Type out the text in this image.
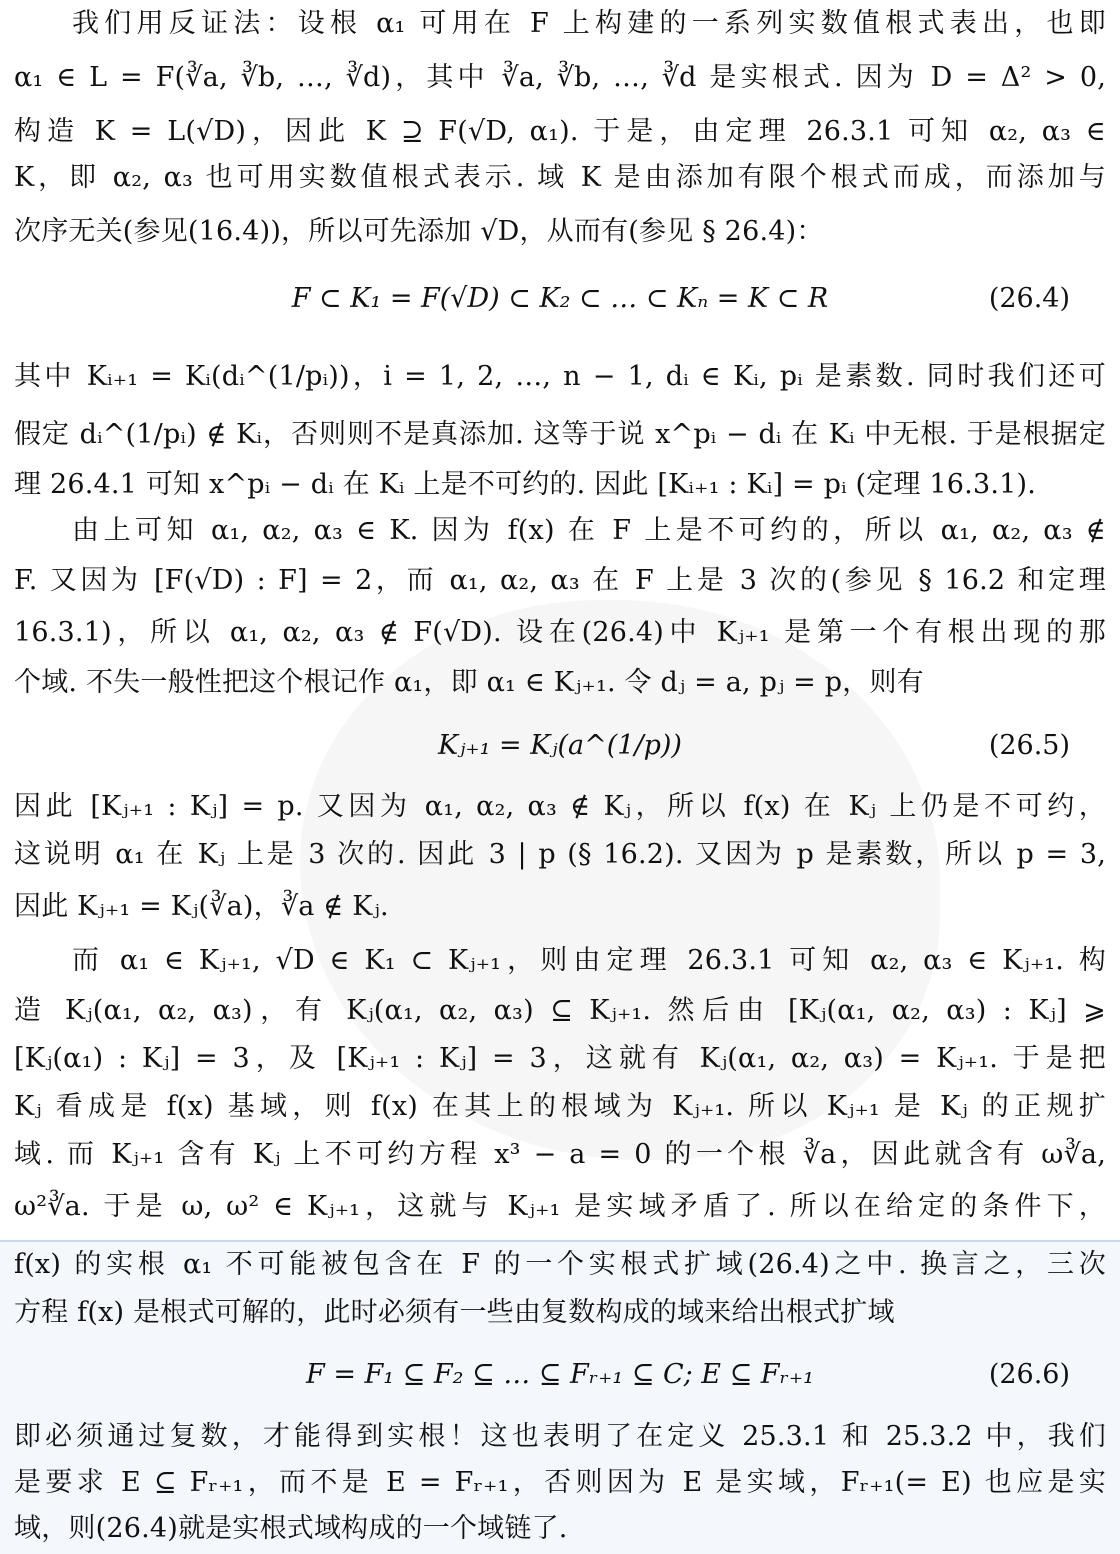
我们用反证法：设根 α₁ 可用在 F 上构建的一系列实数值根式表出，也即
α₁ ∈ L = F(∛a, ∛b, …, ∛d)，其中 ∛a, ∛b, …, ∛d 是实根式. 因为 D = Δ² > 0,
构造 K = L(√D)，因此 K ⊇ F(√D, α₁). 于是，由定理 26.3.1 可知 α₂, α₃ ∈
K，即 α₂, α₃ 也可用实数值根式表示. 域 K 是由添加有限个根式而成，而添加与
次序无关(参见(16.4))，所以可先添加 √D，从而有(参见 § 26.4)：
F ⊂ K₁ = F(√D) ⊂ K₂ ⊂ … ⊂ Kₙ = K ⊂ R	(26.4)
其中 Kᵢ₊₁ = Kᵢ(dᵢ^(1/pᵢ))，i = 1, 2, …, n − 1, dᵢ ∈ Kᵢ, pᵢ 是素数. 同时我们还可
假定 dᵢ^(1/pᵢ) ∉ Kᵢ，否则则不是真添加. 这等于说 x^pᵢ − dᵢ 在 Kᵢ 中无根. 于是根据定
理 26.4.1 可知 x^pᵢ − dᵢ 在 Kᵢ 上是不可约的. 因此 [Kᵢ₊₁ : Kᵢ] = pᵢ (定理 16.3.1).
由上可知 α₁, α₂, α₃ ∈ K. 因为 f(x) 在 F 上是不可约的，所以 α₁, α₂, α₃ ∉
F. 又因为 [F(√D) : F] = 2，而 α₁, α₂, α₃ 在 F 上是 3 次的(参见 § 16.2 和定理
16.3.1)，所以 α₁, α₂, α₃ ∉ F(√D). 设在(26.4)中 Kⱼ₊₁ 是第一个有根出现的那
个域. 不失一般性把这个根记作 α₁，即 α₁ ∈ Kⱼ₊₁. 令 dⱼ = a, pⱼ = p，则有
Kⱼ₊₁ = Kⱼ(a^(1/p))	(26.5)
因此 [Kⱼ₊₁ : Kⱼ] = p. 又因为 α₁, α₂, α₃ ∉ Kⱼ，所以 f(x) 在 Kⱼ 上仍是不可约，
这说明 α₁ 在 Kⱼ 上是 3 次的. 因此 3 | p (§ 16.2). 又因为 p 是素数，所以 p = 3,
因此 Kⱼ₊₁ = Kⱼ(∛a)，∛a ∉ Kⱼ.
而 α₁ ∈ Kⱼ₊₁, √D ∈ K₁ ⊂ Kⱼ₊₁，则由定理 26.3.1 可知 α₂, α₃ ∈ Kⱼ₊₁. 构
造 Kⱼ(α₁, α₂, α₃)，有 Kⱼ(α₁, α₂, α₃) ⊆ Kⱼ₊₁. 然后由 [Kⱼ(α₁, α₂, α₃) : Kⱼ] ⩾
[Kⱼ(α₁) : Kⱼ] = 3，及 [Kⱼ₊₁ : Kⱼ] = 3，这就有 Kⱼ(α₁, α₂, α₃) = Kⱼ₊₁. 于是把
Kⱼ 看成是 f(x) 基域，则 f(x) 在其上的根域为 Kⱼ₊₁. 所以 Kⱼ₊₁ 是 Kⱼ 的正规扩
域. 而 Kⱼ₊₁ 含有 Kⱼ 上不可约方程 x³ − a = 0 的一个根 ∛a，因此就含有 ω∛a,
ω²∛a. 于是 ω, ω² ∈ Kⱼ₊₁，这就与 Kⱼ₊₁ 是实域矛盾了. 所以在给定的条件下，
f(x) 的实根 α₁ 不可能被包含在 F 的一个实根式扩域(26.4)之中. 换言之，三次
方程 f(x) 是根式可解的，此时必须有一些由复数构成的域来给出根式扩域
F = F₁ ⊆ F₂ ⊆ … ⊆ Fᵣ₊₁ ⊆ C; E ⊆ Fᵣ₊₁	(26.6)
即必须通过复数，才能得到实根！这也表明了在定义 25.3.1 和 25.3.2 中，我们
是要求 E ⊆ Fᵣ₊₁，而不是 E = Fᵣ₊₁，否则因为 E 是实域，Fᵣ₊₁(= E) 也应是实
域，则(26.4)就是实根式域构成的一个域链了.
